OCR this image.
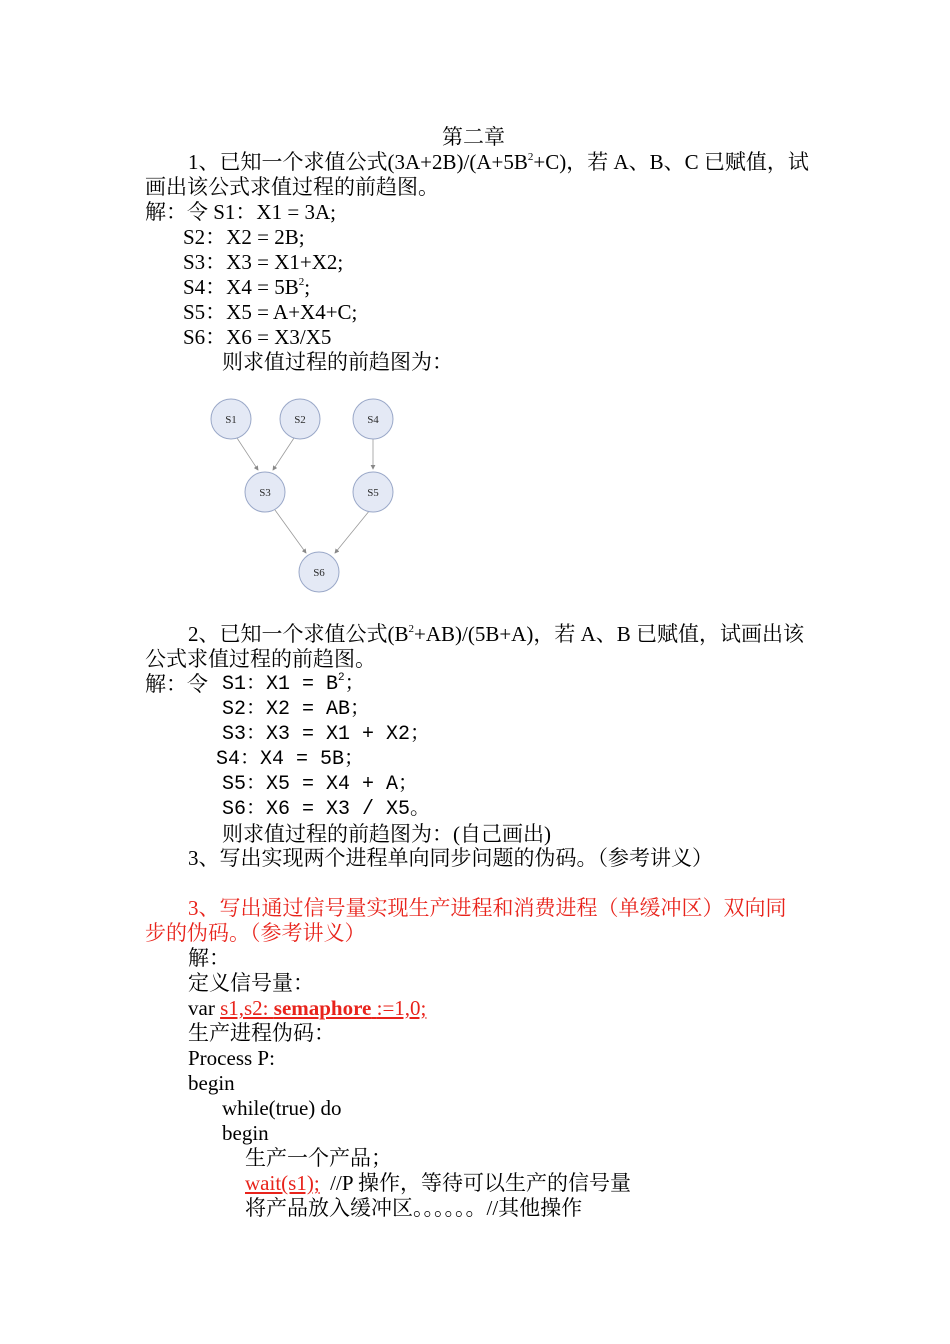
第二章
1、已知一个求值公式$(3A+2B)/(A+5B^2+C)$，若 A、B、C 已赋值，试
画出该公式求值过程的前趋图。
解：令 S1：X1 = 3A;
S2：X2 = 2B;
S3：X3 = X1+X2;
S4：$X4 = 5B^2$;
S5：X5 = A+X4+C;
S6：X6 = X3/X5
则求值过程的前趋图为：
S1	S2	S4
S3	S5
S6
2、已知一个求值公式$(B^2+AB)/(5B+A)$，若 A、B 已赋值，试画出该
公式求值过程的前趋图。
解：令 S1：$X1 = B^2$；
S2：X2 = AB；
S3：X3 = X1 + X2；
S4：X4 = 5B；
S5：X5 = X4 + A；
S6：X6 = X3 / X5。
则求值过程的前趋图为：(自己画出)
3、写出实现两个进程单向同步问题的伪码。（参考讲义）
3、写出通过信号量实现生产进程和消费进程（单缓冲区）双向同
步的伪码。（参考讲义）
解：
定义信号量：
var s1,s2: semaphore :=1,0;
生产进程伪码：
Process P:
begin
while(true) do
begin
生产一个产品；
wait(s1); //P 操作，等待可以生产的信号量
将产品放入缓冲区。。。。。。//其他操作
